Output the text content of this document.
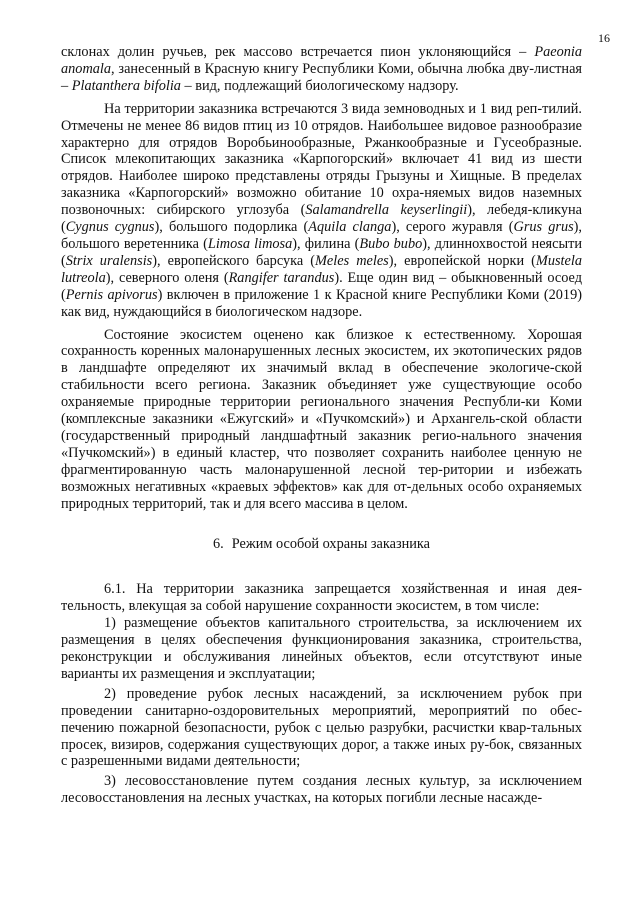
16

склонах долин ручьев, рек массово встречается пион уклоняющийся – Paeonia anomala, занесенный в Красную книгу Республики Коми, обычна любка дву-листная – Platanthera bifolia – вид, подлежащий биологическому надзору.

На территории заказника встречаются 3 вида земноводных и 1 вид реп-тилий. Отмечены не менее 86 видов птиц из 10 отрядов. Наибольшее видовое разнообразие характерно для отрядов Воробьинообразные, Ржанкообразные и Гусеобразные. Список млекопитающих заказника «Карпогорский» включает 41 вид из шести отрядов. Наиболее широко представлены отряды Грызуны и Хищные. В пределах заказника «Карпогорский» возможно обитание 10 охра-няемых видов наземных позвоночных: сибирского углозуба (Salamandrella keyserlingii), лебедя-кликуна (Cygnus cygnus), большого подорлика (Aquila clanga), серого журавля (Grus grus), большого веретенника (Limosa limosa), филина (Bubo bubo), длиннохвостой неясыти (Strix uralensis), европейского барсука (Meles meles), европейской норки (Mustela lutreola), северного оленя (Rangifer tarandus). Еще один вид – обыкновенный осоед (Pernis apivorus) включен в приложение 1 к Красной книге Республики Коми (2019) как вид, нуждающийся в биологическом надзоре.

Состояние экосистем оценено как близкое к естественному. Хорошая сохранность коренных малонарушенных лесных экосистем, их экотопических рядов в ландшафте определяют их значимый вклад в обеспечение экологиче-ской стабильности всего региона. Заказник объединяет уже существующие особо охраняемые природные территории регионального значения Республи-ки Коми (комплексные заказники «Ежугский» и «Пучкомский») и Архангель-ской области (государственный природный ландшафтный заказник регио-нального значения «Пучкомский») в единый кластер, что позволяет сохранить наиболее ценную не фрагментированную часть малонарушенной лесной тер-ритории и избежать возможных негативных «краевых эффектов» как для от-дельных особо охраняемых природных территорий, так и для всего массива в целом.

6. Режим особой охраны заказника

6.1. На территории заказника запрещается хозяйственная и иная дея-тельность, влекущая за собой нарушение сохранности экосистем, в том числе:

1) размещение объектов капитального строительства, за исключением их размещения в целях обеспечения функционирования заказника, строительства, реконструкции и обслуживания линейных объектов, если отсутствуют иные варианты их размещения и эксплуатации;

2) проведение рубок лесных насаждений, за исключением рубок при проведении санитарно-оздоровительных мероприятий, мероприятий по обес-печению пожарной безопасности, рубок с целью разрубки, расчистки квар-тальных просек, визиров, содержания существующих дорог, а также иных ру-бок, связанных с разрешенными видами деятельности;

3) лесовосстановление путем создания лесных культур, за исключением лесовосстановления на лесных участках, на которых погибли лесные насажде-
